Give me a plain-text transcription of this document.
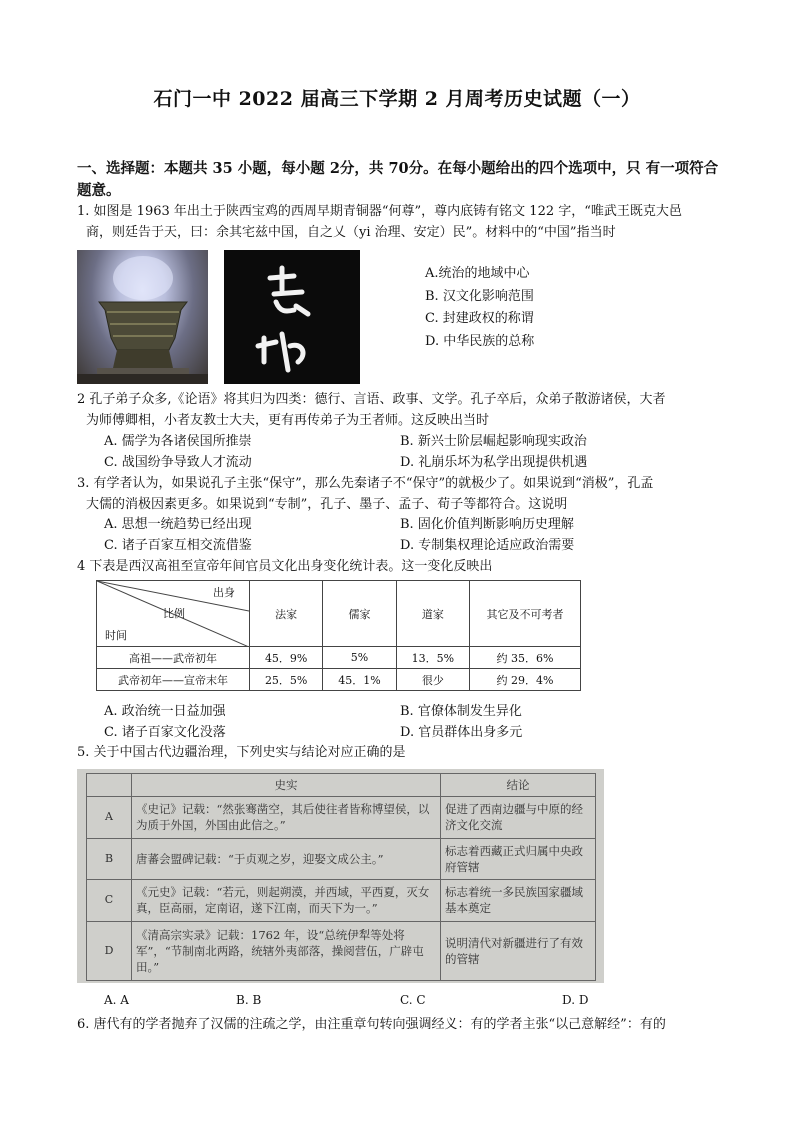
石门一中 2022 届高三下学期 2 月周考历史试题（一）
一、选择题：本题共 35 小题，每小题 2分，共 70分。在每小题给出的四个选项中，只 有一项符合题意。
1. 如图是 1963 年出土于陕西宝鸡的西周早期青铜器“何尊”，尊内底铸有铭文 122 字，“唯武王既克大邑
商，则廷告于天，曰：余其宅兹中国，自之乂（yi 治理、安定）民”。材料中的“中国”指当时
A.统治的地域中心
B. 汉文化影响范围
C. 封建政权的称谓
D. 中华民族的总称
2 孔子弟子众多,《论语》将其归为四类：德行、言语、政事、文学。孔子卒后，众弟子散游诸侯，大者
为师傅卿相，小者友教士大夫，更有再传弟子为王者师。这反映出当时
A. 儒学为各诸侯国所推崇	B. 新兴士阶层崛起影响现实政治
C. 战国纷争导致人才流动	D. 礼崩乐坏为私学出现提供机遇
3. 有学者认为，如果说孔子主张“保守”，那么先秦诸子不“保守”的就极少了。如果说到“消极”，孔孟
大儒的消极因素更多。如果说到“专制”，孔子、墨子、孟子、荀子等都符合。这说明
A. 思想一统趋势已经出现	B. 固化价值判断影响历史理解
C. 诸子百家互相交流借鉴	D. 专制集权理论适应政治需要
4 下表是西汉高祖至宣帝年间官员文化出身变化统计表。这一变化反映出
出身
比例
时间	法家	儒家	道家	其它及不可考者
高祖——武帝初年	45．9%	5%	13．5%	约 35．6%
武帝初年——宣帝末年	25．5%	45．1%	很少	约 29．4%
A. 政治统一日益加强	B. 官僚体制发生异化
C. 诸子百家文化没落	D. 官员群体出身多元
5. 关于中国古代边疆治理，下列史实与结论对应正确的是
	史实	结论
A	《史记》记载：“然张骞凿空，其后使往者皆称博望侯，以为质于外国，外国由此信之。”	促进了西南边疆与中原的经济文化交流
B	唐蕃会盟碑记载：“于贞观之岁，迎娶文成公主。”	标志着西藏正式归属中央政府管辖
C	《元史》记载：“若元，则起朔漠，并西域，平西夏，灭女真，臣高丽，定南诏，遂下江南，而天下为一。”	标志着统一多民族国家疆域基本奠定
D	《清高宗实录》记载：1762 年，设“总统伊犁等处将军”，“节制南北两路，统辖外夷部落，操阅营伍，广辟屯田。”	说明清代对新疆进行了有效的管辖
A. A	B. B	C. C	D. D
6. 唐代有的学者抛弃了汉儒的注疏之学，由注重章句转向强调经义：有的学者主张“以己意解经”：有的
